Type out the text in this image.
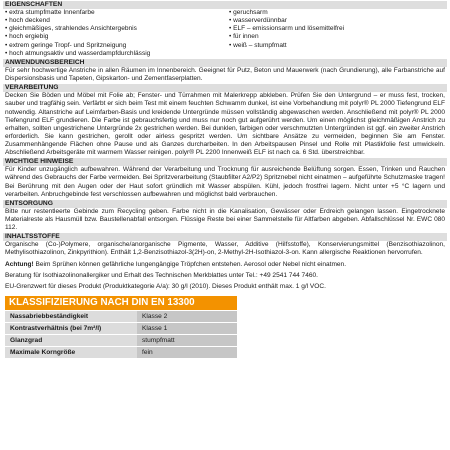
EIGENSCHAFTEN
• extra stumpfmatte Innenfarbe
• hoch deckend
• gleichmäßiges, strahlendes Ansichtergebnis
• hoch ergiebig
• extrem geringe Tropf- und Spritzneigung
• hoch atmungsaktiv und wasserdampfdurchlässig
• geruchsarm
• wasserverdünnbar
• ELF – emissionsarm und lösemittelfrei
• für innen
• weiß – stumpfmatt
ANWENDUNGSBEREICH
Für sehr hochwertige Anstriche in allen Räumen im Innenbereich. Geeignet für Putz, Beton und Mauerwerk (nach Grundierung), alle Farbanstriche auf Dispersionsbasis und Tapeten, Gipskarton- und Zementfaserplatten.
VERARBEITUNG
Decken Sie Böden und Möbel mit Folie ab; Fenster- und Türrahmen mit Malerkrepp abkleben. Prüfen Sie den Untergrund – er muss fest, trocken, sauber und tragfähig sein. Verfärbt er sich beim Test mit einem feuchten Schwamm dunkel, ist eine Vorbehandlung mit polyr® PL 2000 Tiefengrund ELF notwendig. Altanstriche auf Leimfarben-Basis und kreidende Untergründe müssen vollständig abgewaschen werden. Anschließend mit polyr® PL 2000 Tiefengrund ELF grundieren. Die Farbe ist gebrauchsfertig und muss nur noch gut aufgerührt werden. Um einen möglichst gleichmäßigen Anstrich zu erhalten, sollten ungestrichene Untergründe 2x gestrichen werden. Bei dunklen, farbigen oder verschmutzten Untergründen ist ggf. ein zweiter Anstrich erforderlich. Sie kann gestrichen, gerollt oder airless gespritzt werden. Um sichtbare Ansätze zu vermeiden, beginnen Sie am Fenster. Zusammenhängende Flächen ohne Pause und als Ganzes durcharbeiten. In den Arbeitspausen Pinsel und Rolle mit Plastikfolie fest umwickeln. Abschließend Arbeitsgeräte mit warmem Wasser reinigen. polyr® PL 2200 Innenweiß ELF ist nach ca. 6 Std. überstreichbar.
WICHTIGE HINWEISE
Für Kinder unzugänglich aufbewahren. Während der Verarbeitung und Trocknung für ausreichende Belüftung sorgen. Essen, Trinken und Rauchen während des Gebrauchs der Farbe vermeiden. Bei Spritzverarbeitung (Staubfilter A2/P2) Spritznebel nicht einatmen – aufgeführte Schutzmaske tragen! Bei Berührung mit den Augen oder der Haut sofort gründlich mit Wasser abspülen. Kühl, jedoch frostfrei lagern. Nicht unter +5 °C lagern und verarbeiten. Anbruchgebinde fest verschlossen aufbewahren und möglichst bald verbrauchen.
ENTSORGUNG
Bitte nur restentleerte Gebinde zum Recycling geben. Farbe nicht in die Kanalisation, Gewässer oder Erdreich gelangen lassen. Eingetrocknete Materialreste als Hausmüll bzw. Baustellenabfall entsorgen. Flüssige Reste bei einer Sammelstelle für Altfarben abgeben. Abfallschlüssel Nr. EWC 080 112.
INHALTSSTOFFE
Organische (Co-)Polymere, organische/anorganische Pigmente, Wasser, Additive (Hilfsstoffe), Konservierungsmittel (Benzisothiazolinon, Methylisothiazolinon, Zinkpyrithion). Enthält 1,2-Benzisothiazol-3(2H)-on, 2-Methyl-2H-Isothiazol-3-on. Kann allergische Reaktionen hervorrufen.
Achtung! Beim Sprühen können gefährliche lungengängige Tröpfchen entstehen. Aerosol oder Nebel nicht einatmen.
Beratung für Isothiazolinonallergiker und Erhalt des Technischen Merkblattes unter Tel.: +49 2541 744 7460.
EU-Grenzwert für dieses Produkt (Produktkategorie A/a): 30 g/l (2010). Dieses Produkt enthält max. 1 g/l VOC.
KLASSIFIZIERUNG NACH DIN EN 13300
Nassabriebbeständigkeit	Klasse 2
Kontrastverhältnis (bei 7m²/l)	Klasse 1
Glanzgrad	stumpfmatt
Maximale Korngröße	fein
